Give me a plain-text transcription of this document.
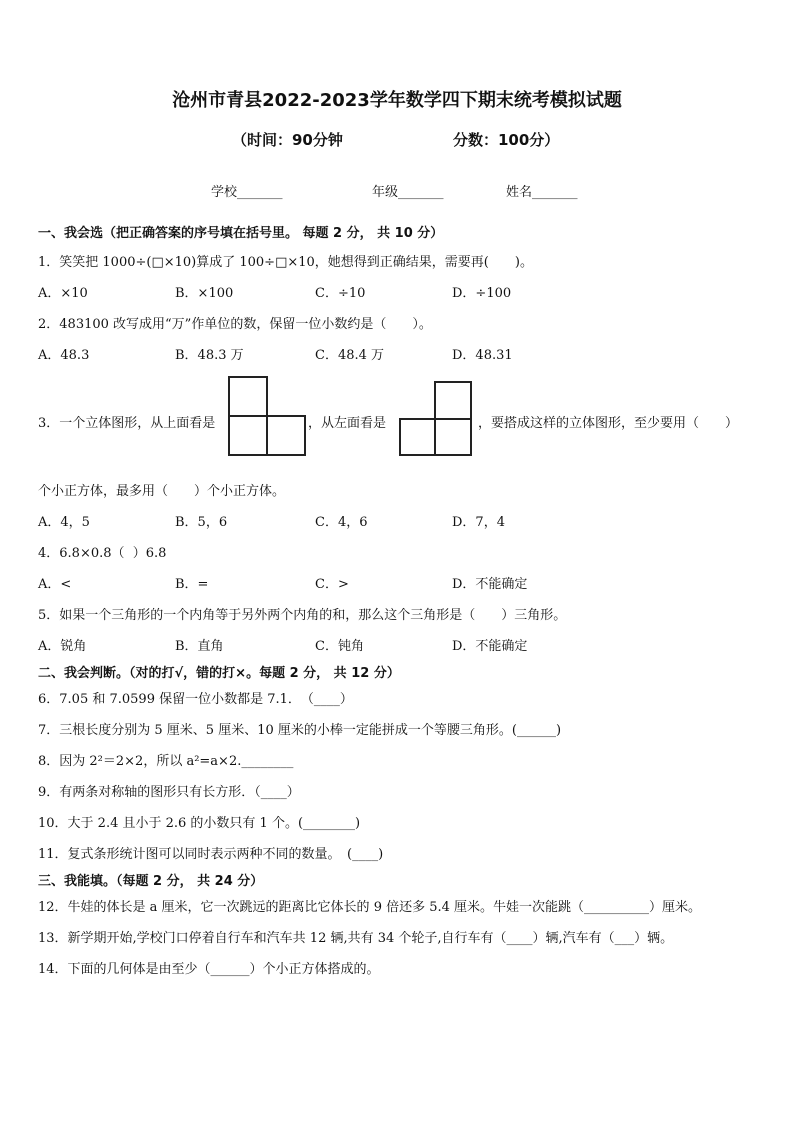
沧州市青县2022-2023学年数学四下期末统考模拟试题
（时间：90分钟	分数：100分）
学校_______	年级_______	姓名_______
一、我会选（把正确答案的序号填在括号里。 每题 2 分， 共 10 分）
1．笑笑把 1000÷(□×10)算成了 100÷□×10，她想得到正确结果，需要再(　　)。
A．×10	B．×100	C．÷10	D．÷100
2．483100 改写成用“万”作单位的数，保留一位小数约是（　　）。
A．48.3	B．48.3 万	C．48.4 万	D．48.31
3．一个立体图形，从上面看是	，从左面看是	，要搭成这样的立体图形，至少要用（　　）
个小正方体，最多用（　　）个小正方体。
A．4，5	B．5，6	C．4，6	D．7，4
4．6.8×0.8（  ）6.8
A．<	B．=	C．>	D．不能确定
5．如果一个三角形的一个内角等于另外两个内角的和，那么这个三角形是（　　）三角形。
A．锐角	B．直角	C．钝角	D．不能确定
二、我会判断。（对的打√，错的打×。每题 2 分， 共 12 分）
6．7.05 和 7.0599 保留一位小数都是 7.1．　（____）
7．三根长度分别为 5 厘米、5 厘米、10 厘米的小棒一定能拼成一个等腰三角形。(______)
8．因为 2²＝2×2，所以 a²=a×2.________
9．有两条对称轴的图形只有长方形．（____）
10．大于 2.4 且小于 2.6 的小数只有 1 个。(________)
11．复式条形统计图可以同时表示两种不同的数量。　(____)
三、我能填。（每题 2 分， 共 24 分）
12．牛娃的体长是 a 厘米，它一次跳远的距离比它体长的 9 倍还多 5.4 厘米。牛娃一次能跳（__________）厘米。
13．新学期开始,学校门口停着自行车和汽车共 12 辆,共有 34 个轮子,自行车有（____）辆,汽车有（___）辆。
14．下面的几何体是由至少（______）个小正方体搭成的。
